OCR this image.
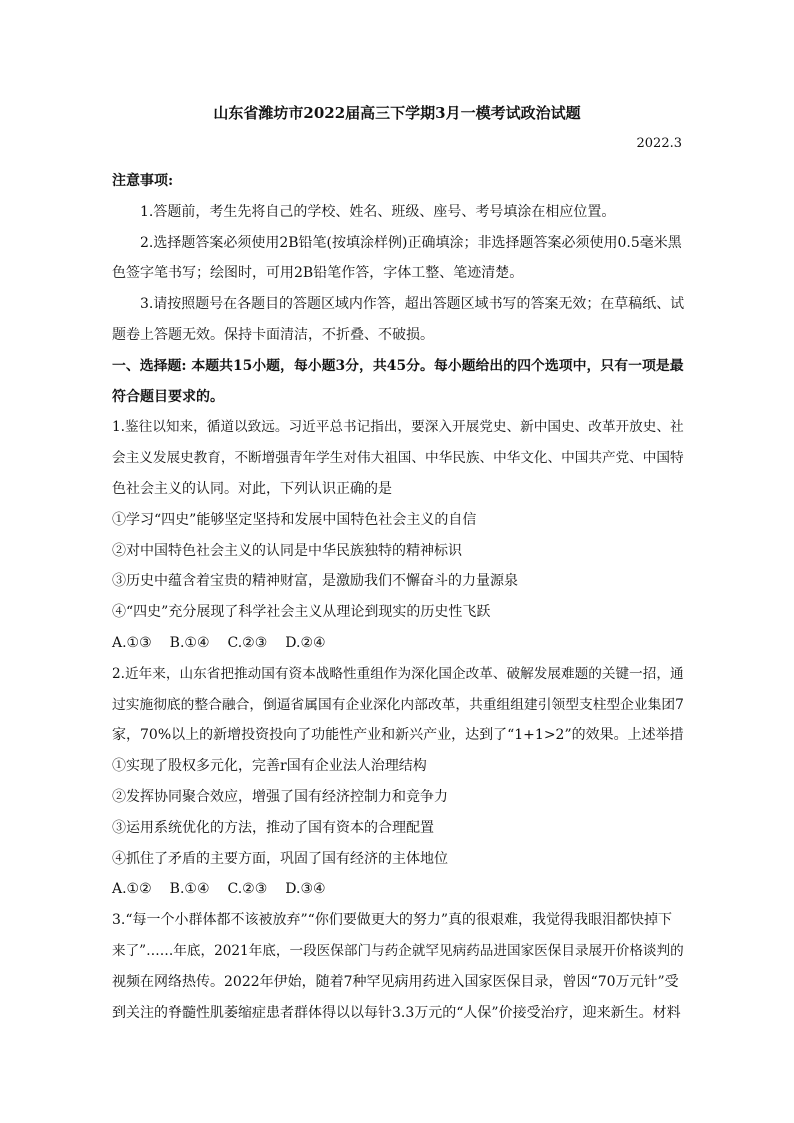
山东省潍坊市2022届高三下学期3月一模考试政治试题
2022.3
注意事项:
1.答题前，考生先将自己的学校、姓名、班级、座号、考号填涂在相应位置。
2.选择题答案必须使用2B铅笔(按填涂样例)正确填涂；非选择题答案必须使用0.5毫米黑
色签字笔书写；绘图时，可用2B铅笔作答，字体工整、笔迹清楚。
3.请按照题号在各题目的答题区域内作答，超出答题区域书写的答案无效；在草稿纸、试
题卷上答题无效。保持卡面清洁，不折叠、不破损。
一、选择题: 本题共15小题，每小题3分，共45分。每小题给出的四个选项中，只有一项是最
符合题目要求的。
1.鉴往以知来，循道以致远。习近平总书记指出，要深入开展党史、新中国史、改革开放史、社
会主义发展史教育，不断增强青年学生对伟大祖国、中华民族、中华文化、中国共产党、中国特
色社会主义的认同。对此，下列认识正确的是
①学习“四史”能够坚定坚持和发展中国特色社会主义的自信
②对中国特色社会主义的认同是中华民族独特的精神标识
③历史中蕴含着宝贵的精神财富，是激励我们不懈奋斗的力量源泉
④“四史”充分展现了科学社会主义从理论到现实的历史性飞跃
A.①③ B.①④ C.②③ D.②④
2.近年来，山东省把推动国有资本战略性重组作为深化国企改革、破解发展难题的关键一招，通
过实施彻底的整合融合，倒逼省属国有企业深化内部改革，共重组组建引领型支柱型企业集团7
家，70%以上的新增投资投向了功能性产业和新兴产业，达到了“1+1>2”的效果。上述举措
①实现了股权多元化，完善r国有企业法人治理结构
②发挥协同聚合效应，增强了国有经济控制力和竞争力
③运用系统优化的方法，推动了国有资本的合理配置
④抓住了矛盾的主要方面，巩固了国有经济的主体地位
A.①② B.①④ C.②③ D.③④
3.“每一个小群体都不该被放弃”“你们要做更大的努力”真的很艰难，我觉得我眼泪都快掉下
来了”……年底，2021年底，一段医保部门与药企就罕见病药品进国家医保目录展开价格谈判的
视频在网络热传。2022年伊始，随着7种罕见病用药进入国家医保目录，曾因“70万元针”受
到关注的脊髓性肌萎缩症患者群体得以以每针3.3万元的“人保”价接受治疗，迎来新生。材料
